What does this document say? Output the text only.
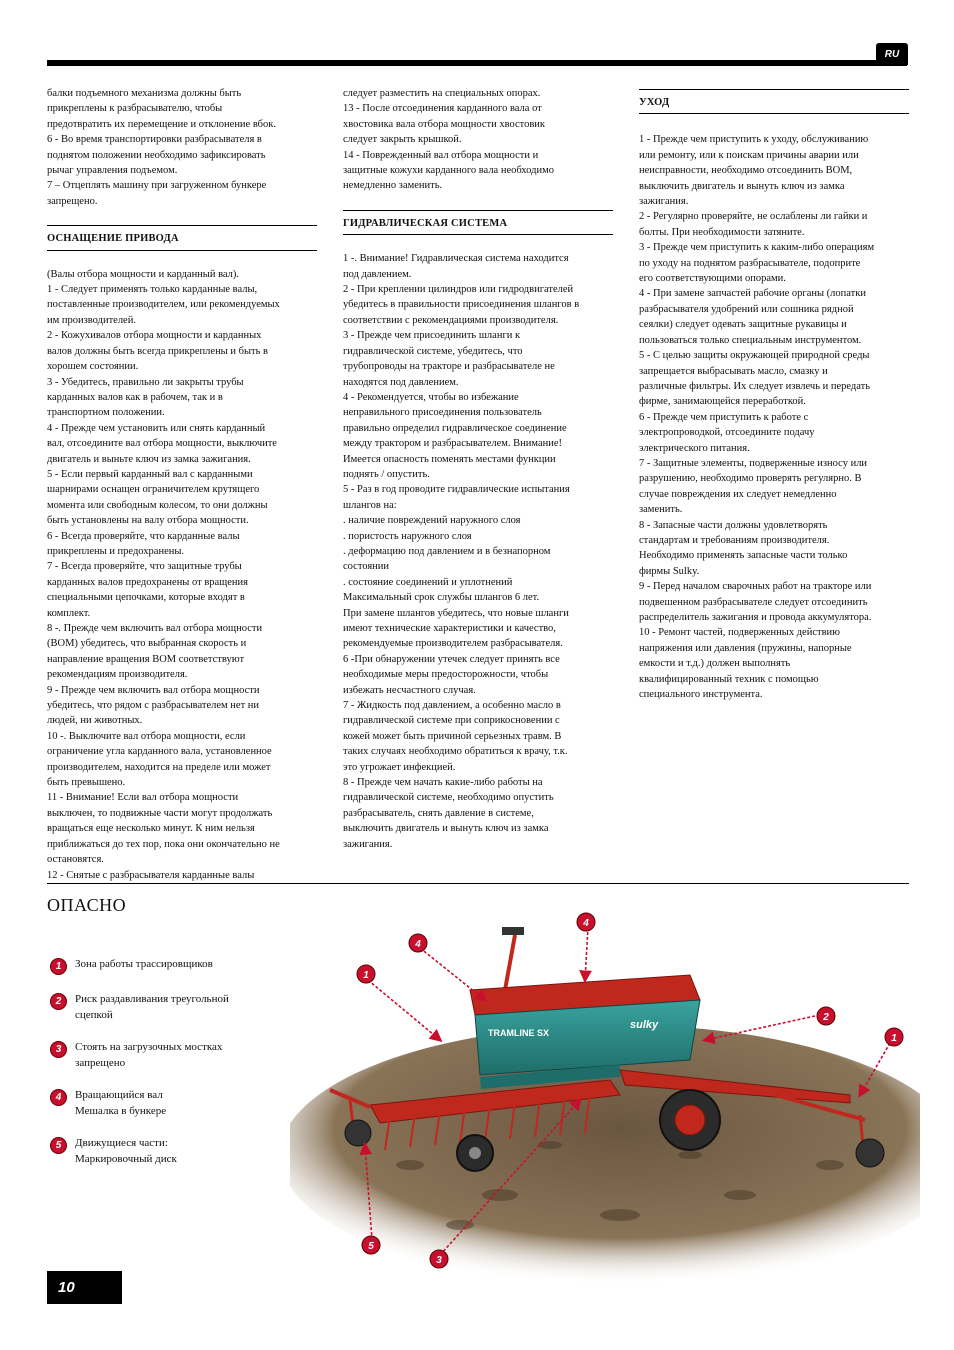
RU
балки подъемного механизма должны быть
прикреплены к разбрасывателю, чтобы
предотвратить их перемещение и отклонение вбок.
6 - Во время транспортировки разбрасывателя в
поднятом положении необходимо зафиксировать
рычаг управления подъемом.
7 – Отцеплять машину при загруженном бункере
запрещено.
ОСНАЩЕНИЕ ПРИВОДА
(Валы отбора мощности и карданный вал).
1 - Следует применять только карданные валы,
поставленные производителем, или рекомендуемых
им производителей.
2 - Кожухивалов отбора мощности и карданных
валов должны быть всегда прикреплены и быть в
хорошем состоянии.
3 - Убедитесь, правильно ли закрыты трубы
карданных валов как в рабочем, так и в
транспортном положении.
4 - Прежде чем установить или снять карданный
вал, отсоедините вал отбора мощности, выключите
двигатель и выньте ключ из замка зажигания.
5 - Если первый карданный вал с карданными
шарнирами оснащен ограничителем крутящего
момента или свободным колесом, то они должны
быть установлены на валу отбора мощности.
6 - Всегда проверяйте, что карданные валы
прикреплены и предохранены.
7 - Всегда проверяйте, что защитные трубы
карданных валов предохранены от вращения
специальными цепочками, которые входят в
комплект.
8 -. Прежде чем включить вал отбора мощности
(ВОМ) убедитесь, что выбранная скорость и
направление вращения ВОМ соответствуют
рекомендациям производителя.
9 - Прежде чем включить вал отбора мощности
убедитесь, что рядом с разбрасывателем нет ни
людей, ни животных.
10 -. Выключите вал отбора мощности, если
ограничение угла карданного вала, установленное
производителем, находится на пределе или может
быть превышено.
11 - Внимание! Если вал отбора мощности
выключен, то подвижные части могут продолжать
вращаться еще несколько минут. К ним нельзя
приближаться до тех пор, пока они окончательно не
остановятся.
12 - Снятые с разбрасывателя карданные валы
следует разместить на специальных опорах.
13 - После отсоединения карданного вала от
хвостовика вала отбора мощности хвостовик
следует закрыть крышкой.
14 - Поврежденный вал отбора мощности и
защитные кожухи карданного вала необходимо
немедленно заменить.
ГИДРАВЛИЧЕСКАЯ СИСТЕМА
1 -. Внимание! Гидравлическая система находится
под давлением.
2 - При креплении цилиндров или гидродвигателей
убедитесь в правильности присоединения шлангов в
соответствии с рекомендациями производителя.
3 - Прежде чем присоединить шланги к
гидравлической системе, убедитесь, что
трубопроводы на тракторе и разбрасывателе не
находятся под давлением.
4 - Рекомендуется, чтобы во избежание
неправильного присоединения пользователь
правильно определил гидравлическое соединение
между трактором и разбрасывателем. Внимание!
Имеется опасность поменять местами функции
поднять / опустить.
5 - Раз в год проводите гидравлические испытания
шлангов на:
. наличие повреждений наружного слоя
. пористость наружного слоя
. деформацию под давлением и в безнапорном
состоянии
. состояние соединений и уплотнений
Максимальный срок службы шлангов 6 лет.
При замене шлангов убедитесь, что новые шланги
имеют технические характеристики и качество,
рекомендуемые производителем разбрасывателя.
6 -При обнаружении утечек следует принять все
необходимые меры предосторожности, чтобы
избежать несчастного случая.
7 - Жидкость под давлением, а особенно масло в
гидравлической системе при соприкосновении с
кожей может быть причиной серьезных травм. В
таких случаях необходимо обратиться к врачу, т.к.
это угрожает инфекцией.
8 - Прежде чем начать какие-либо работы на
гидравлической системе, необходимо опустить
разбрасыватель, снять давление в системе,
выключить двигатель и вынуть ключ из замка
зажигания.
УХОД
1 - Прежде чем приступить к уходу, обслуживанию
или ремонту, или к поискам причины аварии или
неисправности, необходимо отсоединить ВОМ,
выключить двигатель и вынуть ключ из замка
зажигания.
2 - Регулярно проверяйте, не ослаблены ли гайки и
болты. При необходимости затяните.
3 - Прежде чем приступить к каким-либо операциям
по уходу на поднятом разбрасывателе, подоприте
его соответствующими опорами.
4 - При замене запчастей рабочие органы (лопатки
разбрасывателя удобрений или сошника рядной
сеялки) следует одевать защитные рукавицы и
пользоваться только специальным инструментом.
5 - С целью защиты окружающей природной среды
запрещается выбрасывать масло, смазку и
различные фильтры. Их следует извлечь и передать
фирме, занимающейся переработкой.
6 - Прежде чем приступить к работе с
электропроводкой, отсоедините подачу
электрического питания.
7 - Защитные элементы, подверженные износу или
разрушению, необходимо проверять регулярно. В
случае повреждения их следует немедленно
заменить.
8 - Запасные части должны удовлетворять
стандартам и требованиям производителя.
Необходимо применять запасные части только
фирмы Sulky.
9 - Перед началом сварочных работ на тракторе или
подвешенном разбрасывателе следует отсоединить
распределитель зажигания и провода аккумулятора.
10 - Ремонт частей, подверженных действию
напряжения или давления (пружины, напорные
емкости и т.д.) должен выполнять
квалифицированный техник с помощью
специального инструмента.
ОПАСНО
1	Зона работы трассировщиков
2	Риск раздавливания треугольной
сцепкой
3	Стоять на загрузочных мостках
запрещено
4	Вращающийся вал
Мешалка в бункере
5	Движущиеся части:
Маркировочный диск
TRAMLINE SX
sulky
4
1
4
2
1
5
3
10
